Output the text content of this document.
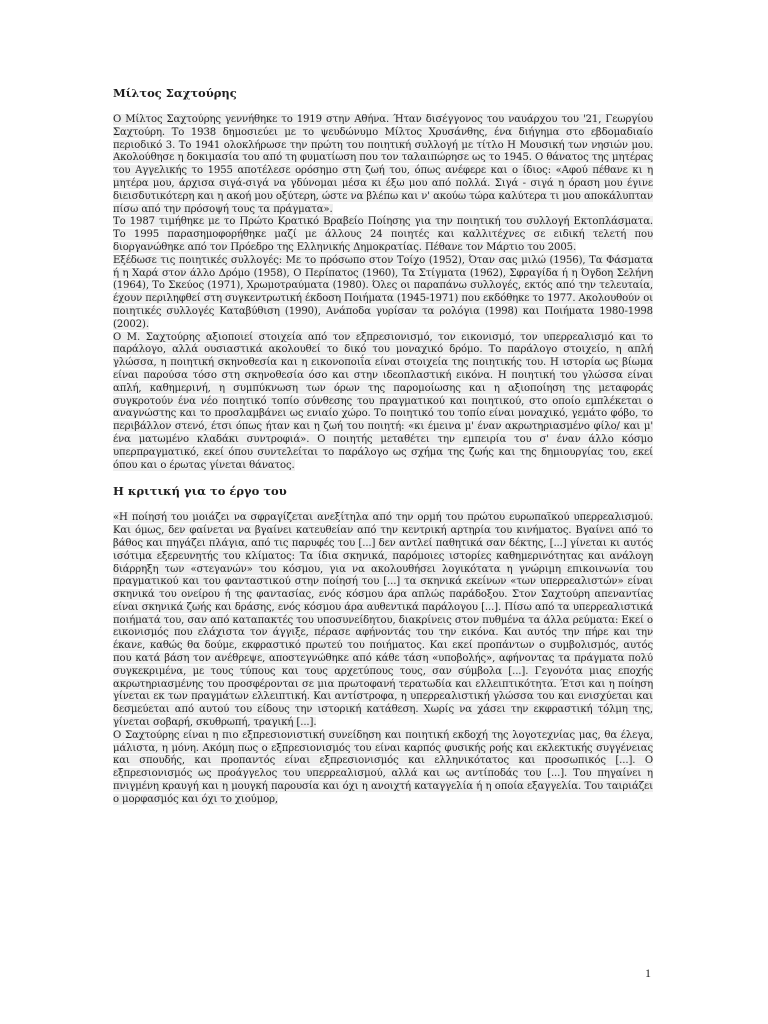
Μίλτος Σαχτούρης

Ο Μίλτος Σαχτούρης γεννήθηκε το 1919 στην Αθήνα. Ήταν δισέγγονος του ναυάρχου του '21, Γεωργίου Σαχτούρη. Το 1938 δημοσιεύει με το ψευδώνυμο Μίλτος Χρυσάνθης, ένα διήγημα στο εβδομαδιαίο περιοδικό 3. Το 1941 ολοκλήρωσε την πρώτη του ποιητική συλλογή με τίτλο Η Μουσική των νησιών μου. Ακολούθησε η δοκιμασία του από τη φυματίωση που τον ταλαιπώρησε ως το 1945. Ο θάνατος της μητέρας του Αγγελικής το 1955 αποτέλεσε ορόσημο στη ζωή του, όπως ανέφερε και ο ίδιος: «Αφού πέθανε κι η μητέρα μου, άρχισα σιγά-σιγά να γδύνομαι μέσα κι έξω μου από πολλά. Σιγά - σιγά η όραση μου έγινε διεισδυτικότερη και η ακοή μου οξύτερη, ώστε να βλέπω και ν' ακούω τώρα καλύτερα τι μου αποκάλυπταν πίσω από την πρόσοψή τους τα πράγματα».

Το 1987 τιμήθηκε με το Πρώτο Κρατικό Βραβείο Ποίησης για την ποιητική του συλλογή Εκτοπλάσματα. Το 1995 παρασημοφορήθηκε μαζί με άλλους 24 ποιητές και καλλιτέχνες σε ειδική τελετή που διοργανώθηκε από τον Πρόεδρο της Ελληνικής Δημοκρατίας. Πέθανε τον Μάρτιο του 2005.

Εξέδωσε τις ποιητικές συλλογές: Με το πρόσωπο στον Τοίχο (1952), Όταν σας μιλώ (1956), Τα Φάσματα ή η Χαρά στον άλλο Δρόμο (1958), Ο Περίπατος (1960), Τα Στίγματα (1962), Σφραγίδα ή η Όγδοη Σελήνη (1964), Το Σκεύος (1971), Χρωμοτραύματα (1980). Όλες οι παραπάνω συλλογές, εκτός από την τελευταία, έχουν περιληφθεί στη συγκεντρωτική έκδοση Ποιήματα (1945-1971) που εκδόθηκε το 1977. Ακολουθούν οι ποιητικές συλλογές Καταβύθιση (1990), Ανάποδα γυρίσαν τα ρολόγια (1998) και Ποιήματα 1980-1998 (2002).

Ο Μ. Σαχτούρης αξιοποιεί στοιχεία από τον εξπρεσιονισμό, τον εικονισμό, τον υπερρεαλισμό και το παράλογο, αλλά ουσιαστικά ακολουθεί το δικό του μοναχικό δρόμο. Το παράλογο στοιχείο, η απλή γλώσσα, η ποιητική σκηνοθεσία και η εικονοποιΐα είναι στοιχεία της ποιητικής του. Η ιστορία ως βίωμα είναι παρούσα τόσο στη σκηνοθεσία όσο και στην ιδεοπλαστική εικόνα. Η ποιητική του γλώσσα είναι απλή, καθημερινή, η συμπύκνωση των όρων της παρομοίωσης και η αξιοποίηση της μεταφοράς συγκροτούν ένα νέο ποιητικό τοπίο σύνθεσης του πραγματικού και ποιητικού, στο οποίο εμπλέκεται ο αναγνώστης και το προσλαμβάνει ως ενιαίο χώρο. Το ποιητικό του τοπίο είναι μοναχικό, γεμάτο φόβο, το περιβάλλον στενό, έτσι όπως ήταν και η ζωή του ποιητή: «κι έμεινα μ' έναν ακρωτηριασμένο φίλο/ και μ' ένα ματωμένο κλαδάκι συντροφιά». Ο ποιητής μεταθέτει την εμπειρία του σ' έναν άλλο κόσμο υπερπραγματικό, εκεί όπου συντελείται το παράλογο ως σχήμα της ζωής και της δημιουργίας του, εκεί όπου και ο έρωτας γίνεται θάνατος.

Η κριτική για το έργο του

«Η ποίησή του μοιάζει να σφραγίζεται ανεξίτηλα από την ορμή του πρώτου ευρωπαϊκού υπερρεαλισμού. Και όμως, δεν φαίνεται να βγαίνει κατευθείαν από την κεντρική αρτηρία του κινήματος. Βγαίνει από το βάθος και πηγάζει πλάγια, από τις παρυφές του [...] δεν αντλεί παθητικά σαν δέκτης, [...] γίνεται κι αυτός ισότιμα εξερευνητής του κλίματος: Τα ίδια σκηνικά, παρόμοιες ιστορίες καθημερινότητας και ανάλογη διάρρηξη των «στεγανών» του κόσμου, για να ακολουθήσει λογικότατα η γνώριμη επικοινωνία του πραγματικού και του φανταστικού στην ποίησή του [...] τα σκηνικά εκείνων «των υπερρεαλιστών» είναι σκηνικά του ονείρου ή της φαντασίας, ενός κόσμου άρα απλώς παράδοξου. Στον Σαχτούρη απεναντίας είναι σκηνικά ζωής και δράσης, ενός κόσμου άρα αυθεντικά παράλογου [...]. Πίσω από τα υπερρεαλιστικά ποιήματά του, σαν από καταπακτές του υποσυνείδητου, διακρίνεις στον πυθμένα τα άλλα ρεύματα: Εκεί ο εικονισμός που ελάχιστα τον άγγιξε, πέρασε αφήνοντάς του την εικόνα. Και αυτός την πήρε και την έκανε, καθώς θα δούμε, εκφραστικό πρωτεύ του ποιήματος. Και εκεί προπάντων ο συμβολισμός, αυτός που κατά βάση τον ανέθρεψε, αποστεγνώθηκε από κάθε τάση «υποβολής», αφήνοντας τα πράγματα πολύ συγκεκριμένα, με τους τύπους και τους αρχετύπους τους, σαν σύμβολα [...]. Γεγονότα μιας εποχής ακρωτηριασμένης του προσφέρονται σε μια πρωτοφανή τερατωδία και ελλειπτικότητα. Έτσι και η ποίηση γίνεται εκ των πραγμάτων ελλειπτική. Και αντίστροφα, η υπερρεαλιστική γλώσσα του και ενισχύεται και δεσμεύεται από αυτού του είδους την ιστορική κατάθεση. Χωρίς να χάσει την εκφραστική τόλμη της, γίνεται σοβαρή, σκυθρωπή, τραγική [...].

Ο Σαχτούρης είναι η πιο εξπρεσιονιστική συνείδηση και ποιητική εκδοχή της λογοτεχνίας μας, θα έλεγα, μάλιστα, η μόνη. Ακόμη πως ο εξπρεσιονισμός του είναι καρπός φυσικής ροής και εκλεκτικής συγγένειας και σπουδής, και προπαντός είναι εξπρεσιονισμός και ελληνικότατος και προσωπικός [...]. Ο εξπρεσιονισμός ως προάγγελος του υπερρεαλισμού, αλλά και ως αντίποδάς του [...]. Του πηγαίνει η πνιγμένη κραυγή και η μουγκή παρουσία και όχι η ανοιχτή καταγγελία ή η οποία εξαγγελία. Του ταιριάζει ο μορφασμός και όχι το χιούμορ,

1
